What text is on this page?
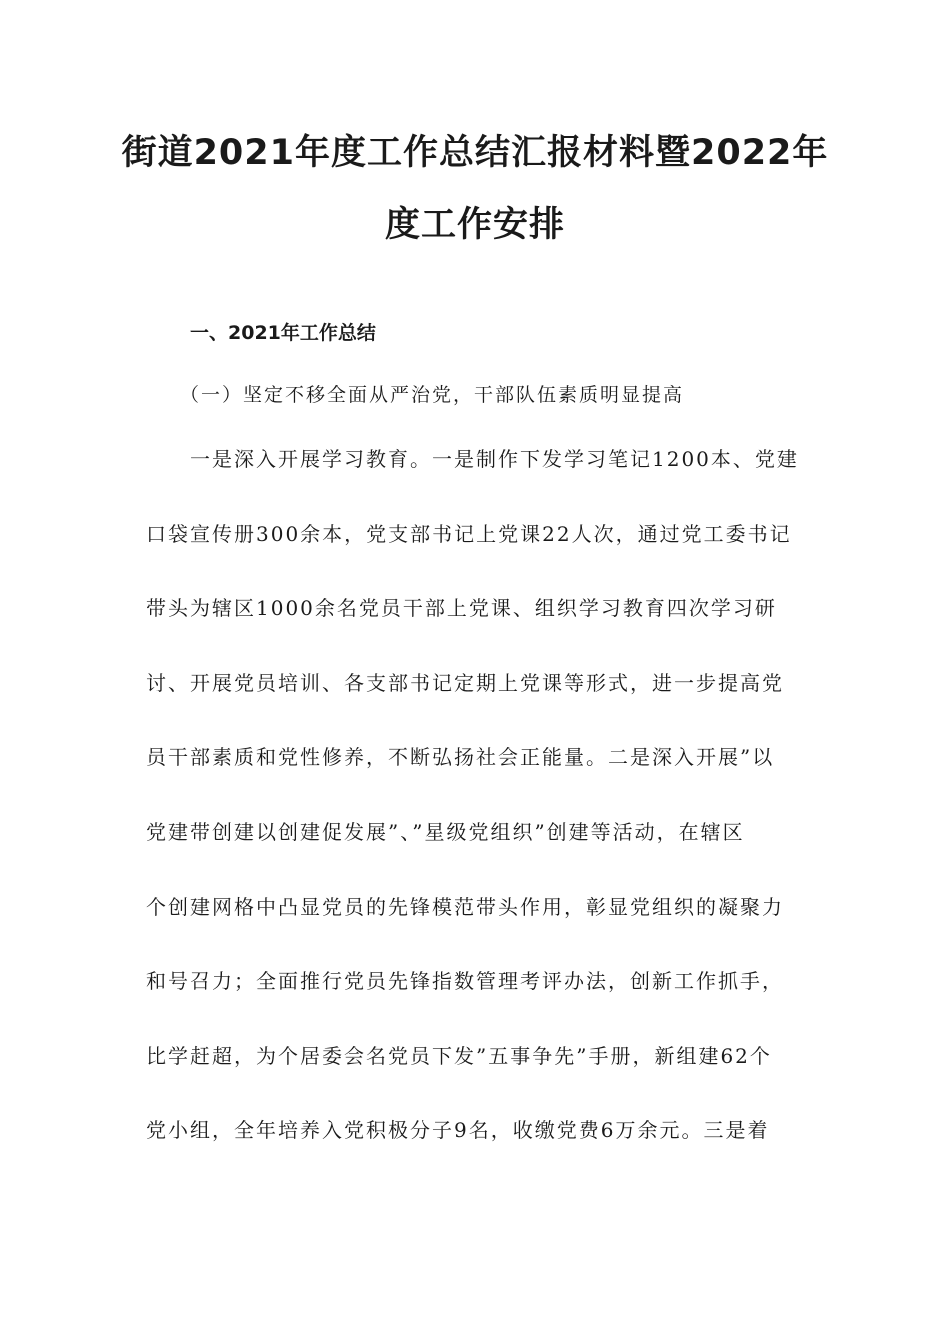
街道2021年度工作总结汇报材料暨2022年
度工作安排
一、2021年工作总结
（一）坚定不移全面从严治党，干部队伍素质明显提高
一是深入开展学习教育。一是制作下发学习笔记1200本、党建
口袋宣传册300余本，党支部书记上党课22人次，通过党工委书记
带头为辖区1000余名党员干部上党课、组织学习教育四次学习研
讨、开展党员培训、各支部书记定期上党课等形式，进一步提高党
员干部素质和党性修养，不断弘扬社会正能量。二是深入开展”以
党建带创建以创建促发展”、”星级党组织”创建等活动，在辖区
个创建网格中凸显党员的先锋模范带头作用，彰显党组织的凝聚力
和号召力；全面推行党员先锋指数管理考评办法，创新工作抓手，
比学赶超，为个居委会名党员下发”五事争先”手册，新组建62个
党小组，全年培养入党积极分子9名，收缴党费6万余元。三是着
